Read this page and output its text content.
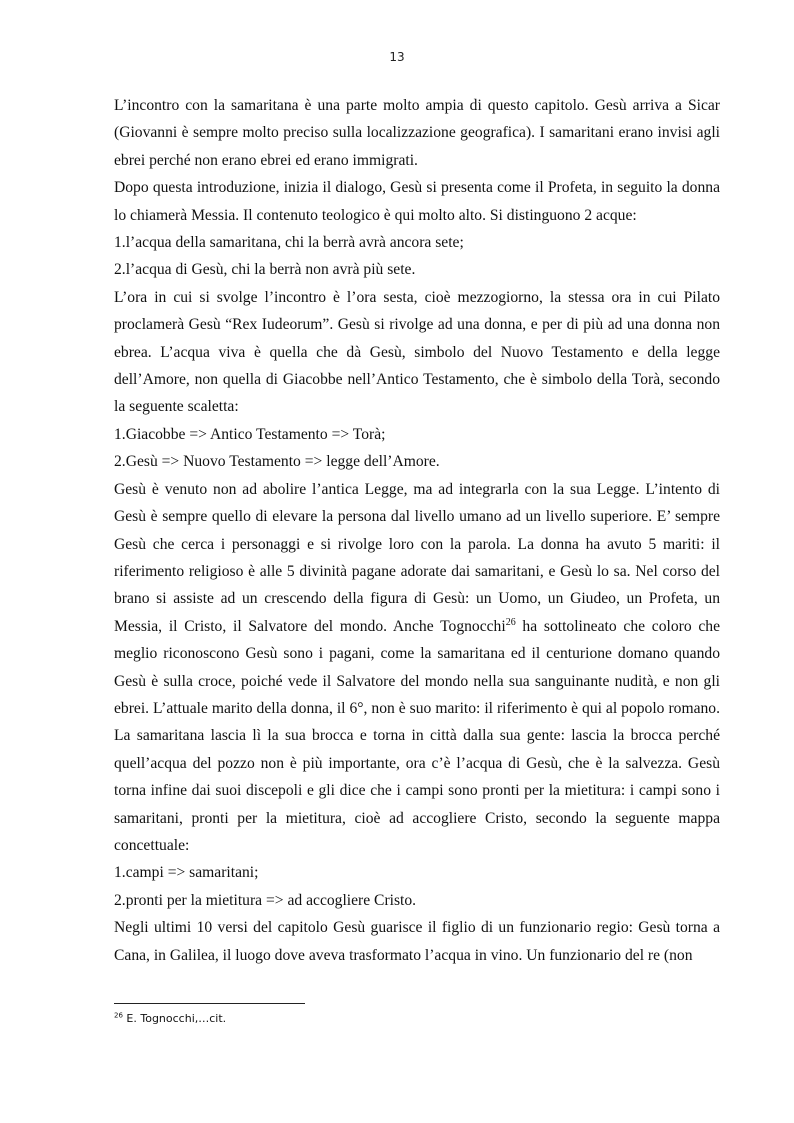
13

L’incontro con la samaritana è una parte molto ampia di questo capitolo. Gesù arriva a Sicar (Giovanni è sempre molto preciso sulla localizzazione geografica). I samaritani erano invisi agli ebrei perché non erano ebrei ed erano immigrati.

Dopo questa introduzione, inizia il dialogo, Gesù si presenta come il Profeta, in seguito la donna lo chiamerà Messia. Il contenuto teologico è qui molto alto. Si distinguono 2 acque:

1.l’acqua della samaritana, chi la berrà avrà ancora sete;
2.l’acqua di Gesù, chi la berrà non avrà più sete.

L’ora in cui si svolge l’incontro è l’ora sesta, cioè mezzogiorno, la stessa ora in cui Pilato proclamerà Gesù “Rex Iudeorum”. Gesù si rivolge ad una donna, e per di più ad una donna non ebrea. L’acqua viva è quella che dà Gesù, simbolo del Nuovo Testamento e della legge dell’Amore, non quella di Giacobbe nell’Antico Testamento, che è simbolo della Torà, secondo la seguente scaletta:

1.Giacobbe => Antico Testamento => Torà;
2.Gesù => Nuovo Testamento => legge dell’Amore.

Gesù è venuto non ad abolire l’antica Legge, ma ad integrarla con la sua Legge. L’intento di Gesù è sempre quello di elevare la persona dal livello umano ad un livello superiore. E’ sempre Gesù che cerca i personaggi e si rivolge loro con la parola. La donna ha avuto 5 mariti: il riferimento religioso è alle 5 divinità pagane adorate dai samaritani, e Gesù lo sa. Nel corso del brano si assiste ad un crescendo della figura di Gesù: un Uomo, un Giudeo, un Profeta, un Messia, il Cristo, il Salvatore del mondo. Anche Tognocchi$^{26}$ ha sottolineato che coloro che meglio riconoscono Gesù sono i pagani, come la samaritana ed il centurione domano quando Gesù è sulla croce, poiché vede il Salvatore del mondo nella sua sanguinante nudità, e non gli ebrei. L’attuale marito della donna, il 6°, non è suo marito: il riferimento è qui al popolo romano. La samaritana lascia lì la sua brocca e torna in città dalla sua gente: lascia la brocca perché quell’acqua del pozzo non è più importante, ora c’è l’acqua di Gesù, che è la salvezza. Gesù torna infine dai suoi discepoli e gli dice che i campi sono pronti per la mietitura: i campi sono i samaritani, pronti per la mietitura, cioè ad accogliere Cristo, secondo la seguente mappa concettuale:

1.campi => samaritani;
2.pronti per la mietitura => ad accogliere Cristo.

Negli ultimi 10 versi del capitolo Gesù guarisce il figlio di un funzionario regio: Gesù torna a Cana, in Galilea, il luogo dove aveva trasformato l’acqua in vino. Un funzionario del re (non

$^{26}$ E. Tognocchi,…cit.
